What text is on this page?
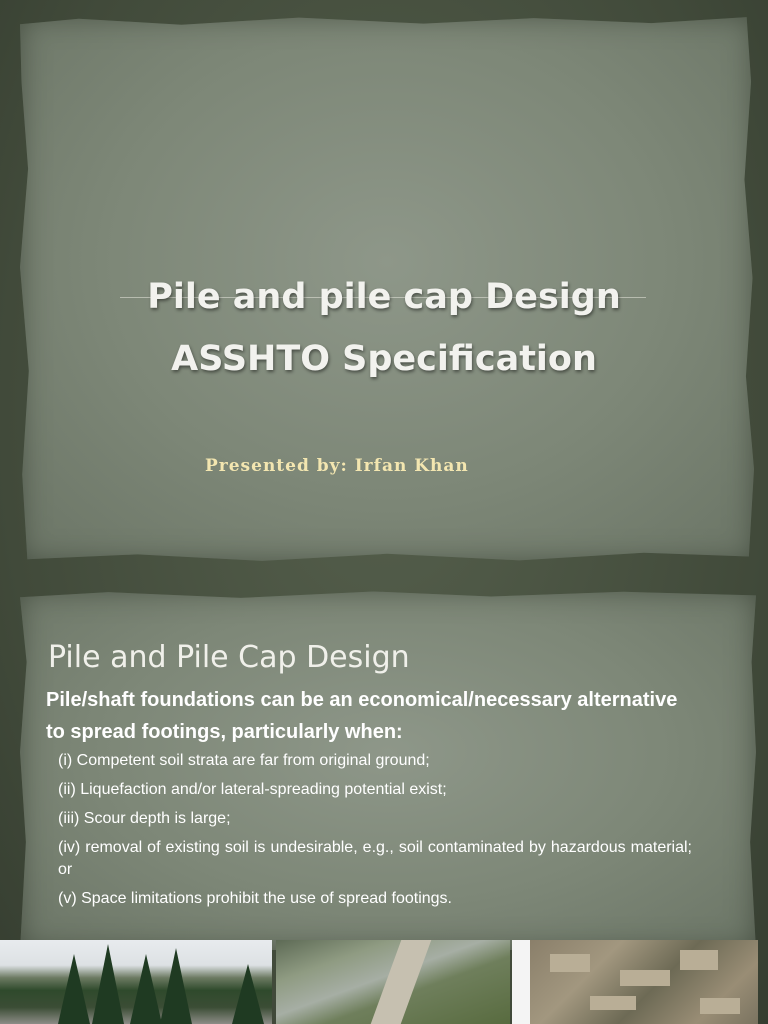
Pile and pile cap Design
ASSHTO Specification
Presented by: Irfan Khan
Pile and Pile Cap Design

Pile/shaft foundations can be an economical/necessary alternative to spread footings, particularly when:

(i) Competent soil strata are far from original ground;
(ii) Liquefaction and/or lateral-spreading potential exist;
(iii) Scour depth is large;
(iv) removal of existing soil is undesirable, e.g., soil contaminated by hazardous material; or
(v) Space limitations prohibit the use of spread footings.
